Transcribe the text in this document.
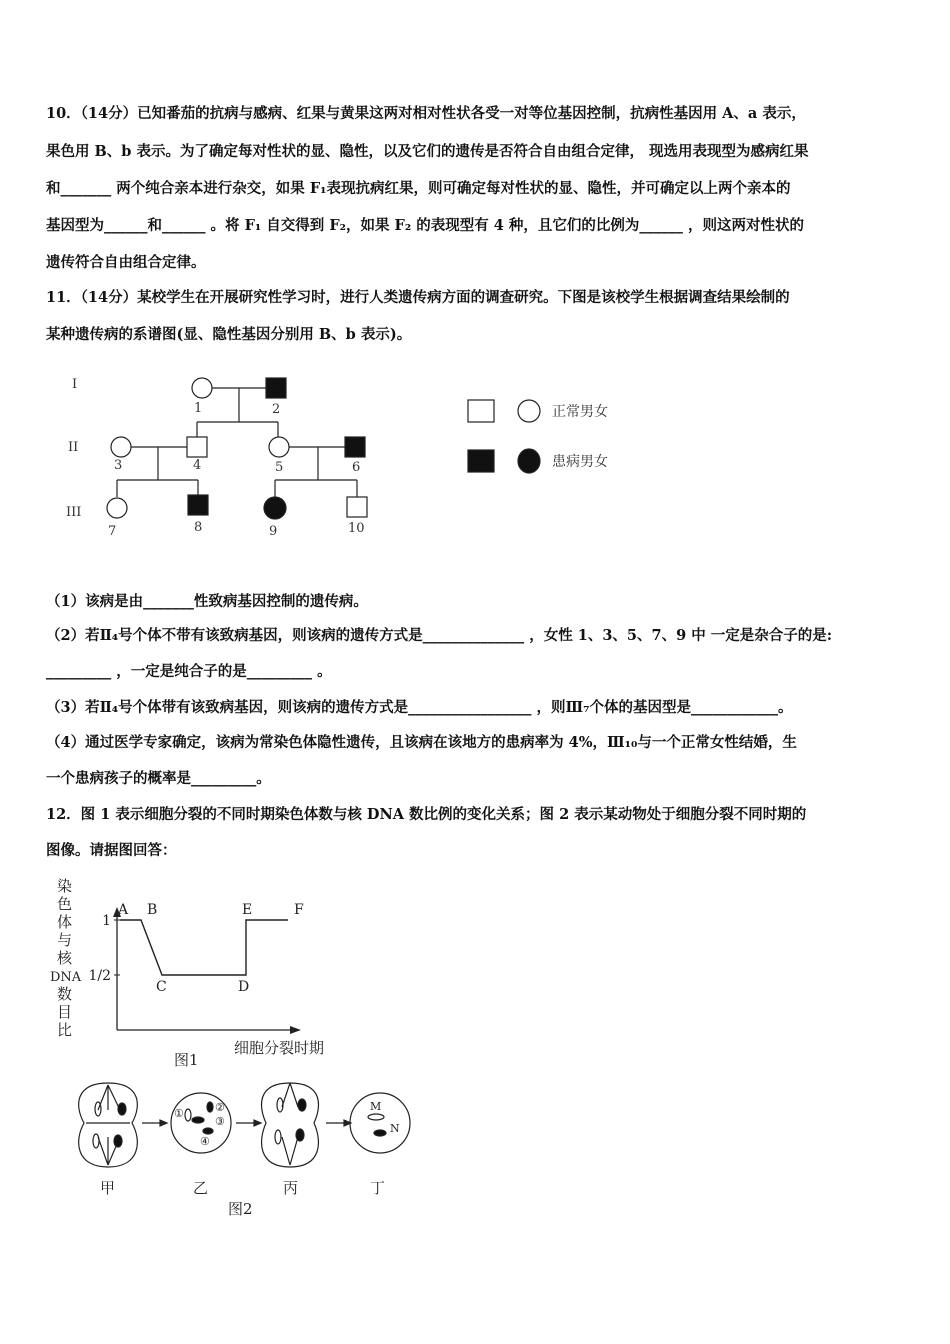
10．（14分）已知番茄的抗病与感病、红果与黄果这两对相对性状各受一对等位基因控制，抗病性基因用 A、a 表示，
果色用 B、b 表示。为了确定每对性状的显、隐性，以及它们的遗传是否符合自由组合定律， 现选用表现型为感病红果
和_______ 两个纯合亲本进行杂交，如果 F₁表现抗病红果，则可确定每对性状的显、隐性，并可确定以上两个亲本的
基因型为______和______ 。将 F₁ 自交得到 F₂，如果 F₂ 的表现型有 4 种，且它们的比例为______ ，则这两对性状的
遗传符合自由组合定律。
11．（14分）某校学生在开展研究性学习时，进行人类遗传病方面的调查研究。下图是该校学生根据调查结果绘制的
某种遗传病的系谱图(显、隐性基因分别用 B、b 表示)。
I
II
III
1	2
3	4	5	6
7	8	9	10
正常男女
患病男女
（1）该病是由_______性致病基因控制的遗传病。
（2）若Ⅱ₄号个体不带有该致病基因，则该病的遗传方式是______________ ，女性 1、3、5、7、9 中 一定是杂合子的是:
_________ ，一定是纯合子的是_________ 。
（3）若Ⅱ₄号个体带有该致病基因，则该病的遗传方式是_________________ ，则Ⅲ₇个体的基因型是____________。
（4）通过医学专家确定，该病为常染色体隐性遗传，且该病在该地方的患病率为 4%，Ⅲ₁₀与一个正常女性结婚，生
一个患病孩子的概率是_________。
12．图 1 表示细胞分裂的不同时期染色体数与核 DNA 数比例的变化关系；图 2 表示某动物处于细胞分裂不同时期的
图像。请据图回答：
染
色
体
与
核
DNA
数
目
比
1
1/2
A B
C	D
E	F
细胞分裂时期
图1
①	②
③
④
M
N
甲	乙	丙	丁
图2
